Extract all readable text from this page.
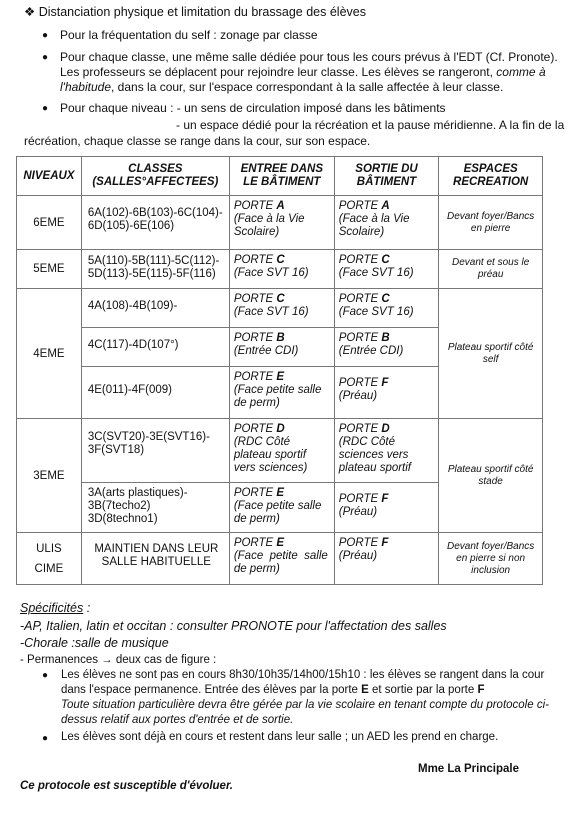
❖ Distanciation physique et limitation du brassage des élèves
● Pour la fréquentation du self : zonage par classe
● Pour chaque classe, une même salle dédiée pour tous les cours prévus à l'EDT (Cf. Pronote).
Les professeurs se déplacent pour rejoindre leur classe. Les élèves se rangeront, comme à
l'habitude, dans la cour, sur l'espace correspondant à la salle affectée à leur classe.
● Pour chaque niveau : - un sens de circulation imposé dans les bâtiments
- un espace dédié pour la récréation et la pause méridienne. A la fin de la
récréation, chaque classe se range dans la cour, sur son espace.
NIVEAUX	CLASSES
(SALLES°AFFECTEES)	ENTREE DANS
LE BÂTIMENT	SORTIE DU
BÂTIMENT	ESPACES
RECREATION
6EME	6A(102)-6B(103)-6C(104)-
6D(105)-6E(106)	PORTE A
(Face à la Vie
Scolaire)	PORTE A
(Face à la Vie
Scolaire)	Devant foyer/Bancs
en pierre
5EME	5A(110)-5B(111)-5C(112)-
5D(113)-5E(115)-5F(116)	PORTE C
(Face SVT 16)	PORTE C
(Face SVT 16)	Devant et sous le
préau
4EME	4A(108)-4B(109)-	PORTE C
(Face SVT 16)	PORTE C
(Face SVT 16)	Plateau sportif côté
self
	4C(117)-4D(107°)	PORTE B
(Entrée CDI)	PORTE B
(Entrée CDI)	
	4E(011)-4F(009)	PORTE E
(Face petite salle
de perm)	PORTE F
(Préau)	
3EME	3C(SVT20)-3E(SVT16)-
3F(SVT18)	PORTE D
(RDC Côté
plateau sportif
vers sciences)	PORTE D
(RDC Côté
sciences vers
plateau sportif	Plateau sportif côté
stade
	3A(arts plastiques)-
3B(7techo2)
3D(8techno1)	PORTE E
(Face petite salle
de perm)	PORTE F
(Préau)	
ULIS
CIME	MAINTIEN DANS LEUR
SALLE HABITUELLE	PORTE E
(Face  petite  salle
de perm)	PORTE F
(Préau)	Devant foyer/Bancs
en pierre si non
inclusion
Spécificités :
-AP, Italien, latin et occitan : consulter PRONOTE pour l'affectation des salles
-Chorale :salle de musique
- Permanences → deux cas de figure :
● Les élèves ne sont pas en cours 8h30/10h35/14h00/15h10 : les élèves se rangent dans la cour
dans l'espace permanence. Entrée des élèves par la porte E et sortie par la porte F
Toute situation particulière devra être gérée par la vie scolaire en tenant compte du protocole ci-
dessus relatif aux portes d'entrée et de sortie.
● Les élèves sont déjà en cours et restent dans leur salle ; un AED les prend en charge.
Mme La Principale
Ce protocole est susceptible d'évoluer.
